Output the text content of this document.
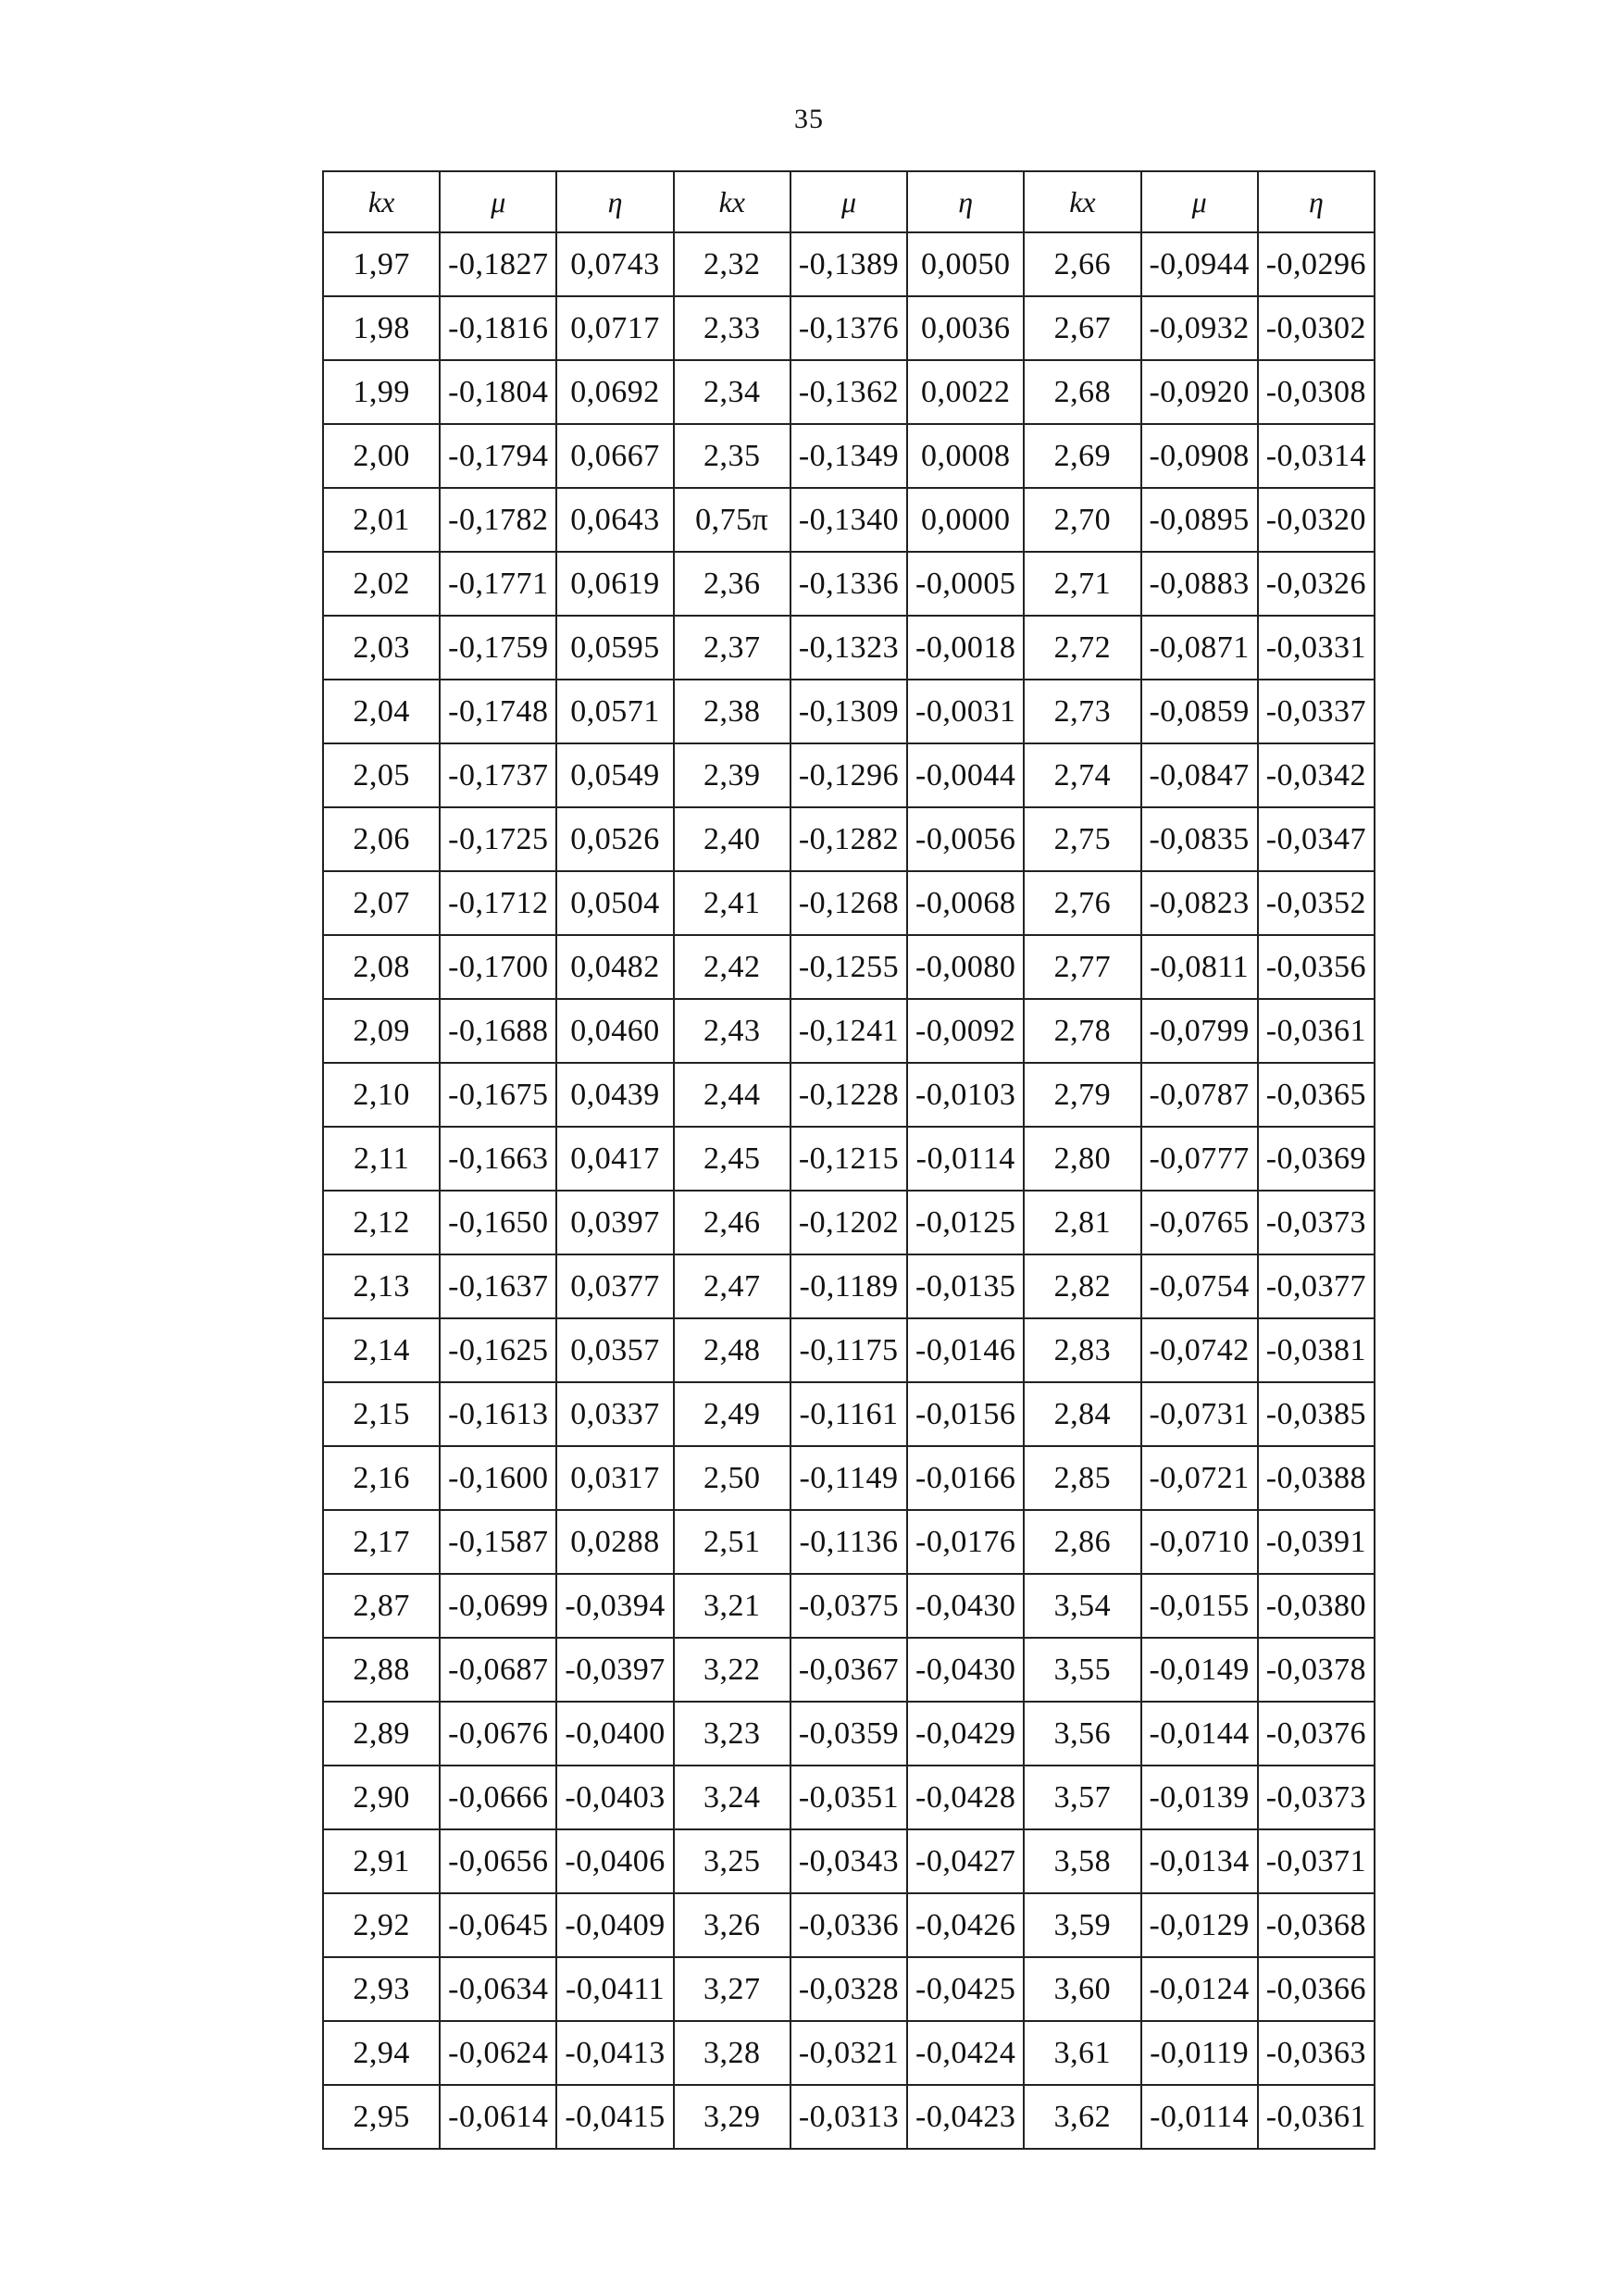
35
kx	μ	η	kx	μ	η	kx	μ	η
1,97	-0,1827	0,0743	2,32	-0,1389	0,0050	2,66	-0,0944	-0,0296
1,98	-0,1816	0,0717	2,33	-0,1376	0,0036	2,67	-0,0932	-0,0302
1,99	-0,1804	0,0692	2,34	-0,1362	0,0022	2,68	-0,0920	-0,0308
2,00	-0,1794	0,0667	2,35	-0,1349	0,0008	2,69	-0,0908	-0,0314
2,01	-0,1782	0,0643	0,75π	-0,1340	0,0000	2,70	-0,0895	-0,0320
2,02	-0,1771	0,0619	2,36	-0,1336	-0,0005	2,71	-0,0883	-0,0326
2,03	-0,1759	0,0595	2,37	-0,1323	-0,0018	2,72	-0,0871	-0,0331
2,04	-0,1748	0,0571	2,38	-0,1309	-0,0031	2,73	-0,0859	-0,0337
2,05	-0,1737	0,0549	2,39	-0,1296	-0,0044	2,74	-0,0847	-0,0342
2,06	-0,1725	0,0526	2,40	-0,1282	-0,0056	2,75	-0,0835	-0,0347
2,07	-0,1712	0,0504	2,41	-0,1268	-0,0068	2,76	-0,0823	-0,0352
2,08	-0,1700	0,0482	2,42	-0,1255	-0,0080	2,77	-0,0811	-0,0356
2,09	-0,1688	0,0460	2,43	-0,1241	-0,0092	2,78	-0,0799	-0,0361
2,10	-0,1675	0,0439	2,44	-0,1228	-0,0103	2,79	-0,0787	-0,0365
2,11	-0,1663	0,0417	2,45	-0,1215	-0,0114	2,80	-0,0777	-0,0369
2,12	-0,1650	0,0397	2,46	-0,1202	-0,0125	2,81	-0,0765	-0,0373
2,13	-0,1637	0,0377	2,47	-0,1189	-0,0135	2,82	-0,0754	-0,0377
2,14	-0,1625	0,0357	2,48	-0,1175	-0,0146	2,83	-0,0742	-0,0381
2,15	-0,1613	0,0337	2,49	-0,1161	-0,0156	2,84	-0,0731	-0,0385
2,16	-0,1600	0,0317	2,50	-0,1149	-0,0166	2,85	-0,0721	-0,0388
2,17	-0,1587	0,0288	2,51	-0,1136	-0,0176	2,86	-0,0710	-0,0391
2,87	-0,0699	-0,0394	3,21	-0,0375	-0,0430	3,54	-0,0155	-0,0380
2,88	-0,0687	-0,0397	3,22	-0,0367	-0,0430	3,55	-0,0149	-0,0378
2,89	-0,0676	-0,0400	3,23	-0,0359	-0,0429	3,56	-0,0144	-0,0376
2,90	-0,0666	-0,0403	3,24	-0,0351	-0,0428	3,57	-0,0139	-0,0373
2,91	-0,0656	-0,0406	3,25	-0,0343	-0,0427	3,58	-0,0134	-0,0371
2,92	-0,0645	-0,0409	3,26	-0,0336	-0,0426	3,59	-0,0129	-0,0368
2,93	-0,0634	-0,0411	3,27	-0,0328	-0,0425	3,60	-0,0124	-0,0366
2,94	-0,0624	-0,0413	3,28	-0,0321	-0,0424	3,61	-0,0119	-0,0363
2,95	-0,0614	-0,0415	3,29	-0,0313	-0,0423	3,62	-0,0114	-0,0361
